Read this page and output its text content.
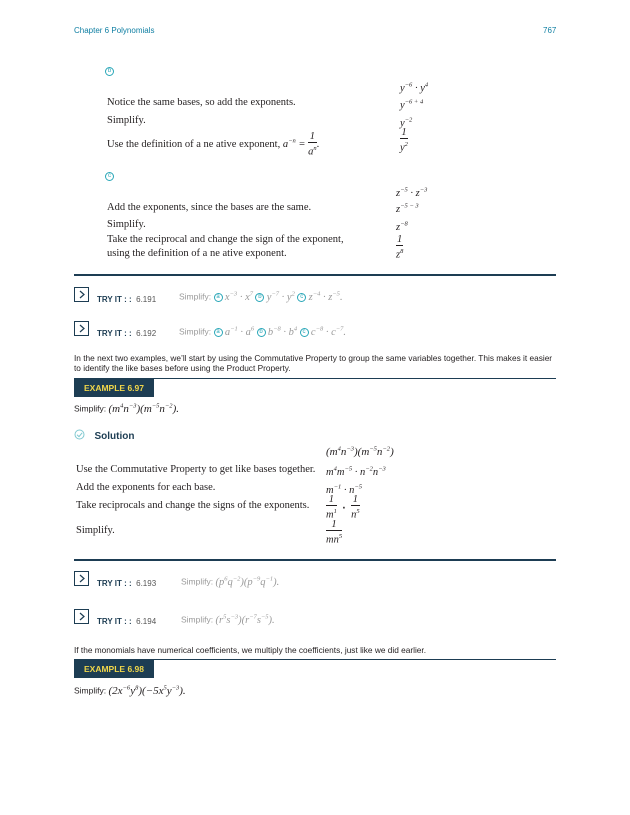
Chapter 6 Polynomials	767
b
$y^{-6} \cdot y^4$
Notice the same bases, so add the exponents.	$y^{-6 + 4}$
Simplify.	$y^{-2}$
Use the definition of a ne ative exponent, $a^{-n} = \frac{1}{a^n}$ .	$\frac{1}{y^2}$
c
$z^{-5} \cdot z^{-3}$
Add the exponents, since the bases are the same.	$z^{-5 - 3}$
Simplify.	$z^{-8}$
Take the reciprocal and change the sign of the exponent,
using the definition of a ne ative exponent.	$\frac{1}{z^8}$
TRY IT : : 6.191	Simplify: a $x^{-3} \cdot x^7$ b $y^{-7} \cdot y^2$ c $z^{-4} \cdot z^{-5}$.
TRY IT : : 6.192	Simplify: a $a^{-1} \cdot a^6$ b $b^{-8} \cdot b^4$ c $c^{-8} \cdot c^{-7}$.
In the next two examples, we’ll start by using the Commutative Property to group the same variables together. This makes it easier to identify the like bases before using the Product Property.
EXAMPLE 6.97
Simplify: $(m^4n^{-3})(m^{-5}n^{-2})$.
Solution
$(m^4n^{-3})(m^{-5}n^{-2})$
Use the Commutative Property to get like bases together. $m^4m^{-5} \cdot n^{-2}n^{-3}$
Add the exponents for each base.	$m^{-1} \cdot n^{-5}$
Take reciprocals and change the signs of the exponents. $\frac{1}{m^1} \cdot \frac{1}{n^5}$
Simplify.	$\frac{1}{mn^5}$
TRY IT : : 6.193	Simplify: $(p^6q^{-2})(p^{-9}q^{-1})$.
TRY IT : : 6.194	Simplify: $(r^5s^{-3})(r^{-7}s^{-5})$.
If the monomials have numerical coefficients, we multiply the coefficients, just like we did earlier.
EXAMPLE 6.98
Simplify: $(2x^{-6}y^8)(-5x^5y^{-3})$.
